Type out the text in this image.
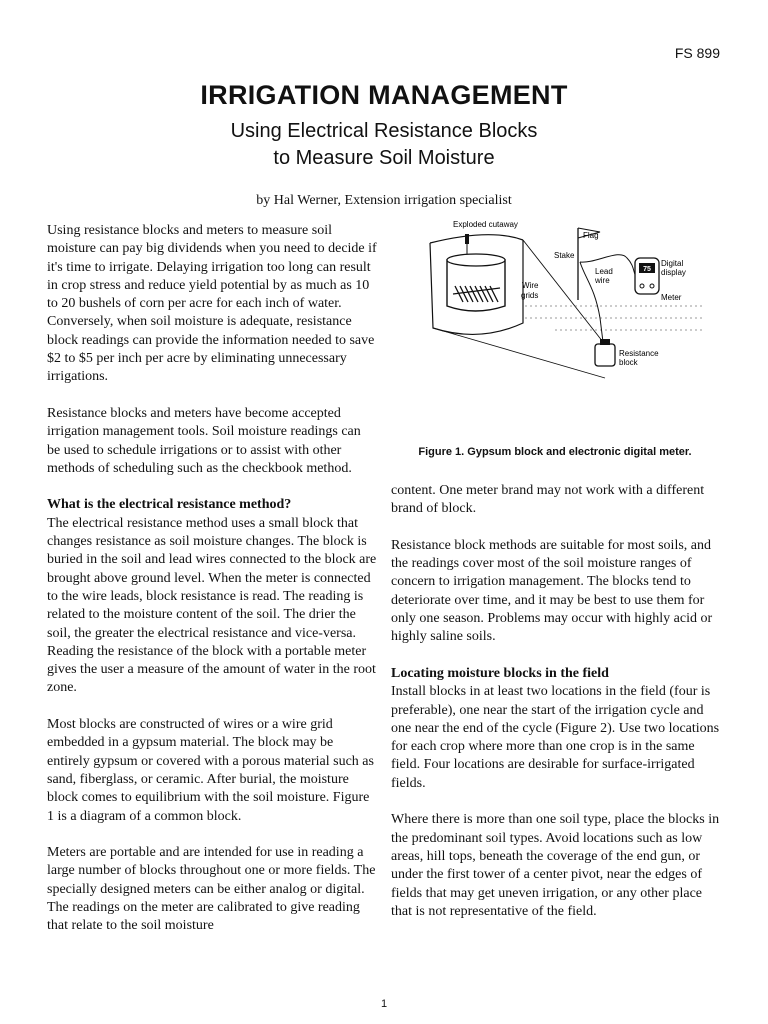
FS 899
IRRIGATION MANAGEMENT
Using Electrical Resistance Blocks
to Measure Soil Moisture
by Hal Werner, Extension irrigation specialist

Using resistance blocks and meters to measure soil moisture can pay big dividends when you need to decide if it's time to irrigate. Delaying irrigation too long can result in crop stress and reduce yield potential by as much as 10 to 20 bushels of corn per acre for each inch of water. Conversely, when soil moisture is adequate, resistance block readings can provide the information needed to save $2 to $5 per inch per acre by eliminating unnecessary irrigations.

Resistance blocks and meters have become accepted irrigation management tools. Soil moisture readings can be used to schedule irrigations or to assist with other methods of scheduling such as the checkbook method.

What is the electrical resistance method?

The electrical resistance method uses a small block that changes resistance as soil moisture changes. The block is buried in the soil and lead wires connected to the block are brought above ground level. When the meter is connected to the wire leads, block resistance is read. The reading is related to the moisture content of the soil. The drier the soil, the greater the electrical resistance and vice-versa. Reading the resistance of the block with a portable meter gives the user a measure of the amount of water in the root zone.

Most blocks are constructed of wires or a wire grid embedded in a gypsum material. The block may be entirely gypsum or covered with a porous material such as sand, fiberglass, or ceramic. After burial, the moisture block comes to equilibrium with the soil moisture. Figure 1 is a diagram of a common block.

Meters are portable and are intended for use in reading a large number of blocks throughout one or more fields. The specially designed meters can be either analog or digital. The readings on the meter are calibrated to give reading that relate to the soil moisture

Exploded cutaway
Wire
grids
Flag
Stake
Lead
wire
75
Digital
display
Meter
Resistance
block
Figure 1. Gypsum block and electronic digital meter.

content. One meter brand may not work with a different brand of block.

Resistance block methods are suitable for most soils, and the readings cover most of the soil moisture ranges of concern to irrigation management. The blocks tend to deteriorate over time, and it may be best to use them for only one season. Problems may occur with highly acid or highly saline soils.

Locating moisture blocks in the field

Install blocks in at least two locations in the field (four is preferable), one near the start of the irrigation cycle and one near the end of the cycle (Figure 2). Use two locations for each crop where more than one crop is in the same field. Four locations are desirable for surface-irrigated fields.

Where there is more than one soil type, place the blocks in the predominant soil types. Avoid locations such as low areas, hill tops, beneath the coverage of the end gun, or under the first tower of a center pivot, near the edges of fields that may get uneven irrigation, or any other place that is not representative of the field.

1
